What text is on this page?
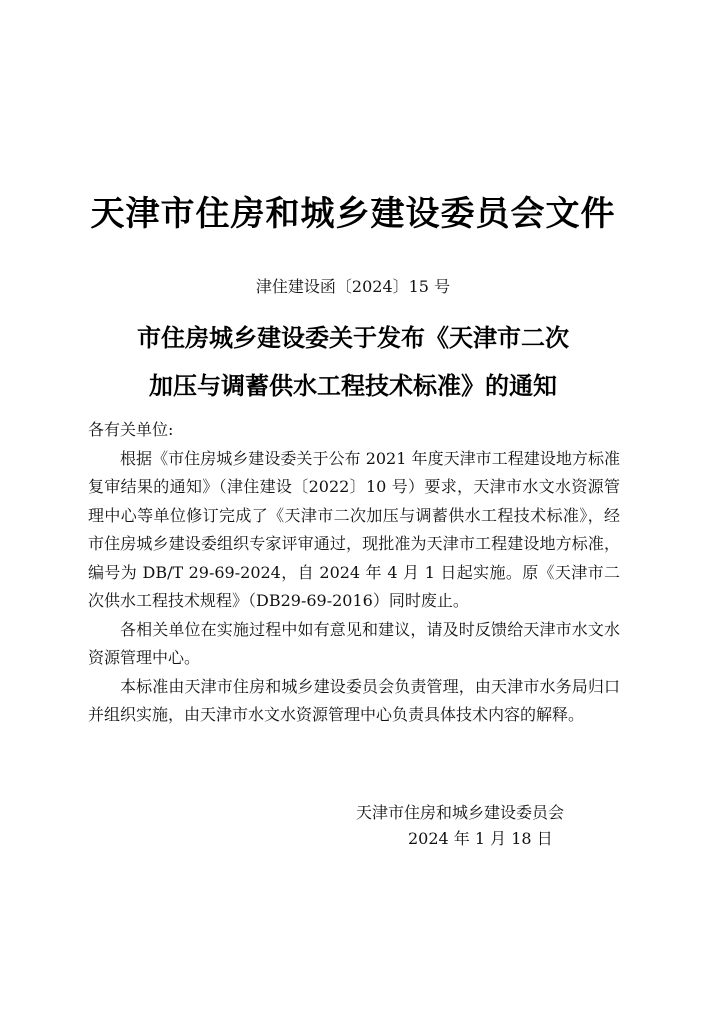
天津市住房和城乡建设委员会文件
津住建设函〔2024〕15 号
市住房城乡建设委关于发布《天津市二次
加压与调蓄供水工程技术标准》的通知

各有关单位:

根据《市住房城乡建设委关于公布 2021 年度天津市工程建设地方标准复审结果的通知》（津住建设〔2022〕10 号）要求，天津市水文水资源管理中心等单位修订完成了《天津市二次加压与调蓄供水工程技术标准》，经市住房城乡建设委组织专家评审通过，现批准为天津市工程建设地方标准，编号为 DB/T 29-69-2024，自 2024 年 4 月 1 日起实施。原《天津市二次供水工程技术规程》（DB29-69-2016）同时废止。

各相关单位在实施过程中如有意见和建议，请及时反馈给天津市水文水资源管理中心。

本标准由天津市住房和城乡建设委员会负责管理，由天津市水务局归口并组织实施，由天津市水文水资源管理中心负责具体技术内容的解释。

天津市住房和城乡建设委员会
2024 年 1 月 18 日
